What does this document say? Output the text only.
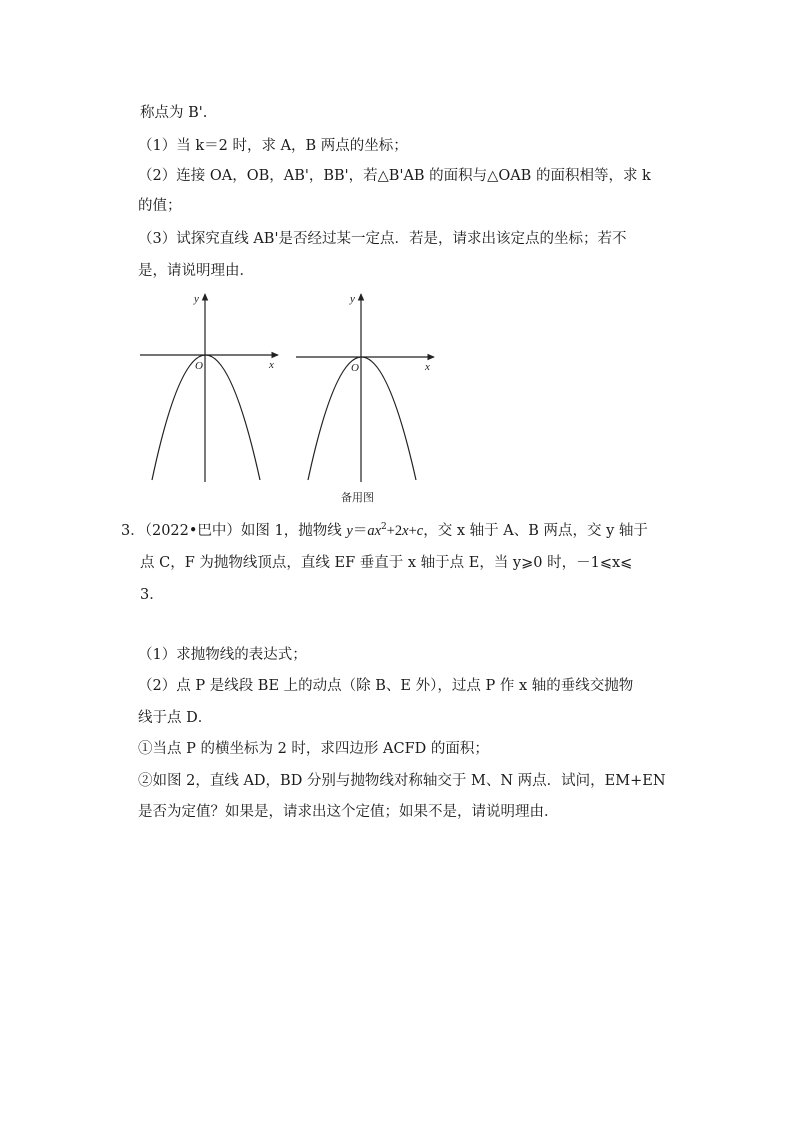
称点为 B'.
（1）当 k＝2 时，求 A，B 两点的坐标；
（2）连接 OA，OB，AB'，BB'，若△B'AB 的面积与△OAB 的面积相等，求 k
的值；
（3）试探究直线 AB'是否经过某一定点．若是，请求出该定点的坐标；若不
是，请说明理由．
y
x
O
y
x
O
备用图
3．（2022•巴中）如图 1，抛物线 $y=ax^2+2x+c$，交 x 轴于 A、B 两点，交 y 轴于
点 C，F 为抛物线顶点，直线 EF 垂直于 x 轴于点 E，当 y⩾0 时，－1⩽x⩽
3．
（1）求抛物线的表达式；
（2）点 P 是线段 BE 上的动点（除 B、E 外），过点 P 作 x 轴的垂线交抛物
线于点 D．
①当点 P 的横坐标为 2 时，求四边形 ACFD 的面积；
②如图 2，直线 AD，BD 分别与抛物线对称轴交于 M、N 两点．试问，EM+EN
是否为定值？如果是，请求出这个定值；如果不是，请说明理由．
